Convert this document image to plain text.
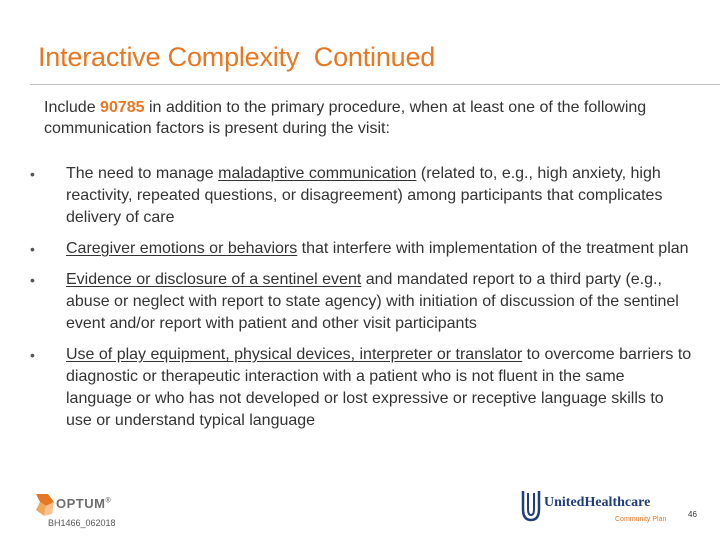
Interactive Complexity  Continued

Include 90785 in addition to the primary procedure, when at least one of the following communication factors is present during the visit:

• The need to manage maladaptive communication (related to, e.g., high anxiety, high reactivity, repeated questions, or disagreement) among participants that complicates delivery of care
• Caregiver emotions or behaviors that interfere with implementation of the treatment plan
• Evidence or disclosure of a sentinel event and mandated report to a third party (e.g., abuse or neglect with report to state agency) with initiation of discussion of the sentinel event and/or report with patient and other visit participants
• Use of play equipment, physical devices, interpreter or translator to overcome barriers to diagnostic or therapeutic interaction with a patient who is not fluent in the same language or who has not developed or lost expressive or receptive language skills to use or understand typical language
OPTUM®
BH1466_062018
UnitedHealthcare
Community Plan
46
